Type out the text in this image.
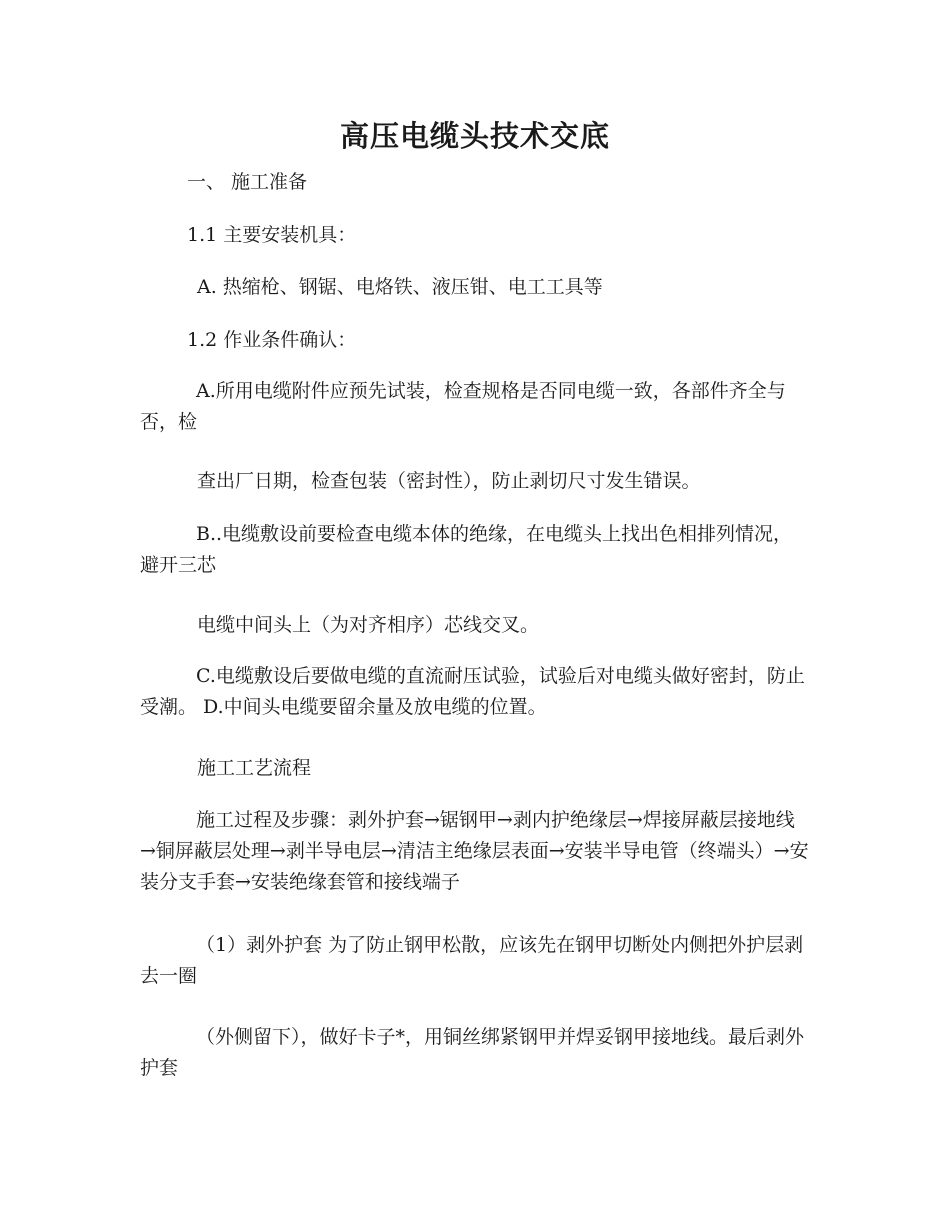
高压电缆头技术交底
一、 施工准备
1.1 主要安装机具：
A. 热缩枪、钢锯、电烙铁、液压钳、电工工具等
1.2 作业条件确认：
A.所用电缆附件应预先试装，检查规格是否同电缆一致，各部件齐全与否，检
查出厂日期，检查包装（密封性），防止剥切尺寸发生错误。
B..电缆敷设前要检查电缆本体的绝缘，在电缆头上找出色相排列情况，避开三芯
电缆中间头上（为对齐相序）芯线交叉。
C.电缆敷设后要做电缆的直流耐压试验，试验后对电缆头做好密封，防止受潮。 D.中间头电缆要留余量及放电缆的位置。
施工工艺流程
施工过程及步骤：剥外护套→锯钢甲→剥内护绝缘层→焊接屏蔽层接地线→铜屏蔽层处理→剥半导电层→清洁主绝缘层表面→安装半导电管（终端头）→安装分支手套→安装绝缘套管和接线端子
（1）剥外护套 为了防止钢甲松散，应该先在钢甲切断处内侧把外护层剥去一圈
（外侧留下），做好卡子*，用铜丝绑紧钢甲并焊妥钢甲接地线。最后剥外护套
